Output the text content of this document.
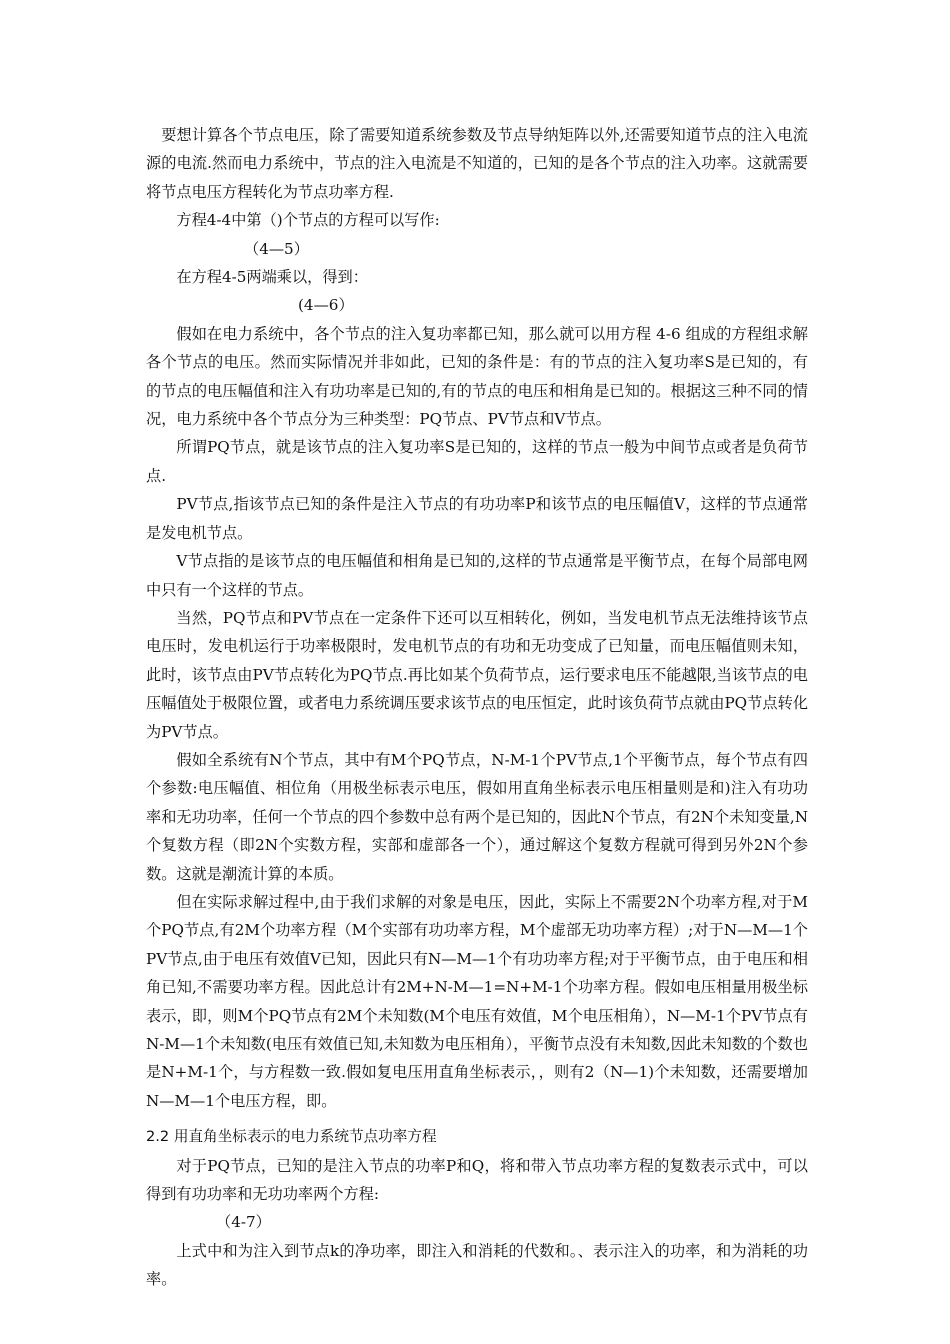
要想计算各个节点电压，除了需要知道系统参数及节点导纳矩阵以外,还需要知道节点的注入电流源的电流.然而电力系统中，节点的注入电流是不知道的，已知的是各个节点的注入功率。这就需要将节点电压方程转化为节点功率方程.

方程4-4中第（)个节点的方程可以写作:

（4—5）

在方程4-5两端乘以，得到：

(4—6）

假如在电力系统中，各个节点的注入复功率都已知，那么就可以用方程 4-6 组成的方程组求解各个节点的电压。然而实际情况并非如此，已知的条件是：有的节点的注入复功率S是已知的，有的节点的电压幅值和注入有功功率是已知的,有的节点的电压和相角是已知的。根据这三种不同的情况，电力系统中各个节点分为三种类型：PQ节点、PV节点和V节点。

所谓PQ节点，就是该节点的注入复功率S是已知的，这样的节点一般为中间节点或者是负荷节点.

PV节点,指该节点已知的条件是注入节点的有功功率P和该节点的电压幅值V，这样的节点通常是发电机节点。

V节点指的是该节点的电压幅值和相角是已知的,这样的节点通常是平衡节点，在每个局部电网中只有一个这样的节点。

当然，PQ节点和PV节点在一定条件下还可以互相转化，例如，当发电机节点无法维持该节点电压时，发电机运行于功率极限时，发电机节点的有功和无功变成了已知量，而电压幅值则未知，此时，该节点由PV节点转化为PQ节点.再比如某个负荷节点，运行要求电压不能越限,当该节点的电压幅值处于极限位置，或者电力系统调压要求该节点的电压恒定，此时该负荷节点就由PQ节点转化为PV节点。

假如全系统有N个节点，其中有M个PQ节点，N-M-1个PV节点,1个平衡节点，每个节点有四个参数:电压幅值、相位角（用极坐标表示电压，假如用直角坐标表示电压相量则是和)注入有功功率和无功功率，任何一个节点的四个参数中总有两个是已知的，因此N个节点，有2N个未知变量,N个复数方程（即2N个实数方程，实部和虚部各一个），通过解这个复数方程就可得到另外2N个参数。这就是潮流计算的本质。

但在实际求解过程中,由于我们求解的对象是电压，因此，实际上不需要2N个功率方程,对于M个PQ节点,有2M个功率方程（M个实部有功功率方程，M个虚部无功功率方程）;对于N—M—1个PV节点,由于电压有效值V已知，因此只有N—M—1个有功功率方程;对于平衡节点，由于电压和相角已知,不需要功率方程。因此总计有2M+N-M—1=N+M-1个功率方程。假如电压相量用极坐标表示，即，则M个PQ节点有2M个未知数(M个电压有效值，M个电压相角），N—M-1个PV节点有N-M—1个未知数(电压有效值已知,未知数为电压相角），平衡节点没有未知数,因此未知数的个数也是N+M-1个，与方程数一致.假如复电压用直角坐标表示，，则有2（N—1)个未知数，还需要增加N—M—1个电压方程，即。

2.2 用直角坐标表示的电力系统节点功率方程

对于PQ节点，已知的是注入节点的功率P和Q，将和带入节点功率方程的复数表示式中，可以得到有功功率和无功功率两个方程:

（4-7）

上式中和为注入到节点k的净功率，即注入和消耗的代数和。、表示注入的功率，和为消耗的功率。
